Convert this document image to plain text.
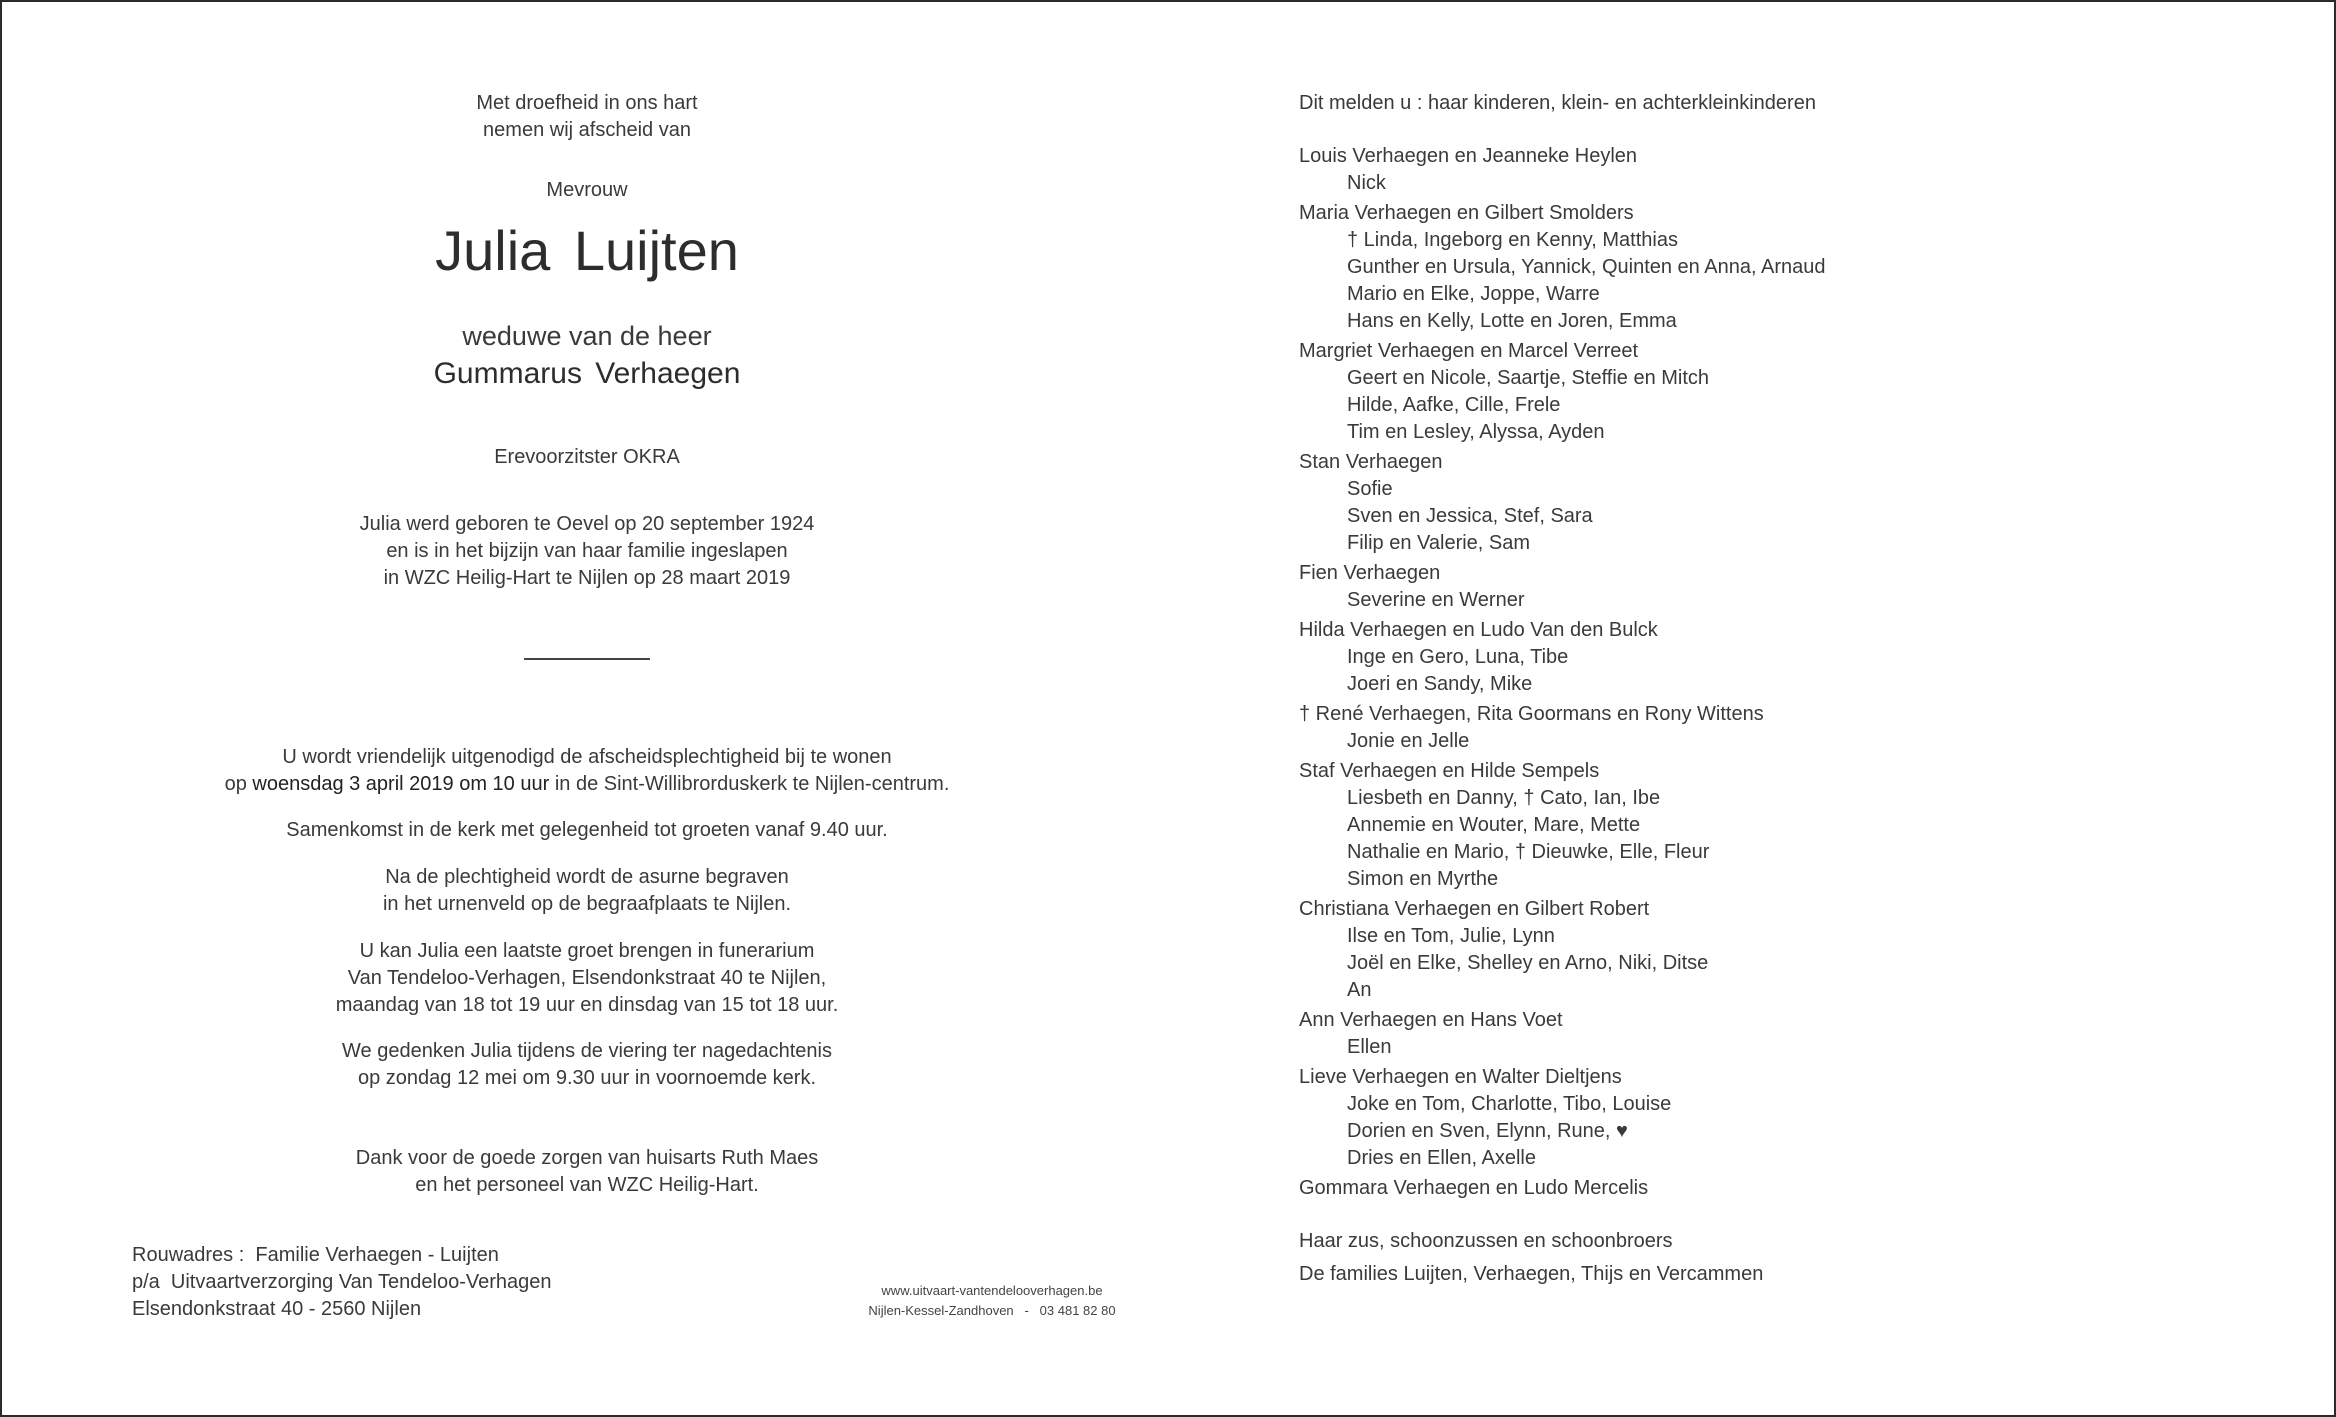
Met droefheid in ons hart

nemen wij afscheid van

Mevrouw
Julia Luijten
weduwe van de heer
Gummarus Verhaegen
Erevoorzitster OKRA

Julia werd geboren te Oevel op 20 september 1924

en is in het bijzijn van haar familie ingeslapen

in WZC Heilig-Hart te Nijlen op 28 maart 2019

U wordt vriendelijk uitgenodigd de afscheidsplechtigheid bij te wonen

op woensdag 3 april 2019 om 10 uur in de Sint-Willibrorduskerk te Nijlen-centrum.

Samenkomst in de kerk met gelegenheid tot groeten vanaf 9.40 uur.

Na de plechtigheid wordt de asurne begraven

in het urnenveld op de begraafplaats te Nijlen.

U kan Julia een laatste groet brengen in funerarium

Van Tendeloo-Verhagen, Elsendonkstraat 40 te Nijlen,

maandag van 18 tot 19 uur en dinsdag van 15 tot 18 uur.

We gedenken Julia tijdens de viering ter nagedachtenis

op zondag 12 mei om 9.30 uur in voornoemde kerk.

Dank voor de goede zorgen van huisarts Ruth Maes

en het personeel van WZC Heilig-Hart.

Rouwadres :  Familie Verhaegen - Luijten
p/a  Uitvaartverzorging Van Tendeloo-Verhagen
Elsendonkstraat 40 - 2560 Nijlen
www.uitvaart-vantendelooverhagen.be
Nijlen-Kessel-Zandhoven   -   03 481 82 80
Dit melden u : haar kinderen, klein- en achterkleinkinderen
Louis Verhaegen en Jeanneke Heylen
Nick
Maria Verhaegen en Gilbert Smolders
† Linda, Ingeborg en Kenny, Matthias
Gunther en Ursula, Yannick, Quinten en Anna, Arnaud
Mario en Elke, Joppe, Warre
Hans en Kelly, Lotte en Joren, Emma
Margriet Verhaegen en Marcel Verreet
Geert en Nicole, Saartje, Steffie en Mitch
Hilde, Aafke, Cille, Frele
Tim en Lesley, Alyssa, Ayden
Stan Verhaegen
Sofie
Sven en Jessica, Stef, Sara
Filip en Valerie, Sam
Fien Verhaegen
Severine en Werner
Hilda Verhaegen en Ludo Van den Bulck
Inge en Gero, Luna, Tibe
Joeri en Sandy, Mike
† René Verhaegen, Rita Goormans en Rony Wittens
Jonie en Jelle
Staf Verhaegen en Hilde Sempels
Liesbeth en Danny, † Cato, Ian, Ibe
Annemie en Wouter, Mare, Mette
Nathalie en Mario, † Dieuwke, Elle, Fleur
Simon en Myrthe
Christiana Verhaegen en Gilbert Robert
Ilse en Tom, Julie, Lynn
Joël en Elke, Shelley en Arno, Niki, Ditse
An
Ann Verhaegen en Hans Voet
Ellen
Lieve Verhaegen en Walter Dieltjens
Joke en Tom, Charlotte, Tibo, Louise
Dorien en Sven, Elynn, Rune, ♥
Dries en Ellen, Axelle
Gommara Verhaegen en Ludo Mercelis
Haar zus, schoonzussen en schoonbroers
De families Luijten, Verhaegen, Thijs en Vercammen
